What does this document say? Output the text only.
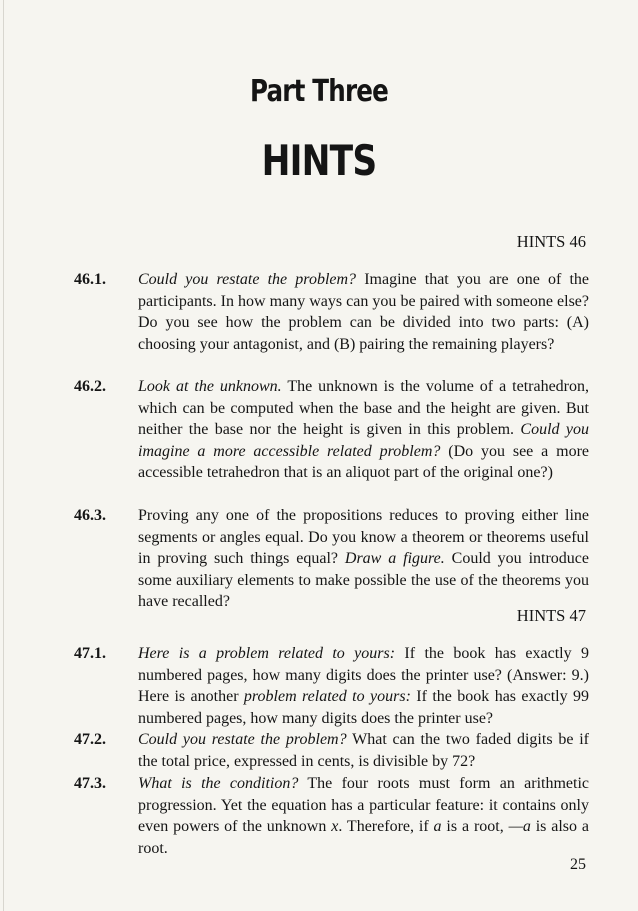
Part Three
HINTS
HINTS 46
46.1.	Could you restate the problem? Imagine that you are one of the participants. In how many ways can you be paired with someone else? Do you see how the problem can be divided into two parts: (A) choosing your antagonist, and (B) pairing the remaining players?
46.2.	Look at the unknown. The unknown is the volume of a tetrahedron, which can be computed when the base and the height are given. But neither the base nor the height is given in this problem. Could you imagine a more accessible related problem? (Do you see a more accessible tetrahedron that is an aliquot part of the original one?)
46.3.	Proving any one of the propositions reduces to proving either line segments or angles equal. Do you know a theorem or theorems useful in proving such things equal? Draw a figure. Could you introduce some auxiliary elements to make possible the use of the theorems you have recalled?
HINTS 47
47.1.	Here is a problem related to yours: If the book has exactly 9 numbered pages, how many digits does the printer use? (Answer: 9.) Here is another problem related to yours: If the book has exactly 99 numbered pages, how many digits does the printer use?
47.2.	Could you restate the problem? What can the two faded digits be if the total price, expressed in cents, is divisible by 72?
47.3.	What is the condition? The four roots must form an arithmetic progression. Yet the equation has a particular feature: it contains only even powers of the unknown x. Therefore, if a is a root, —a is also a root.
25
